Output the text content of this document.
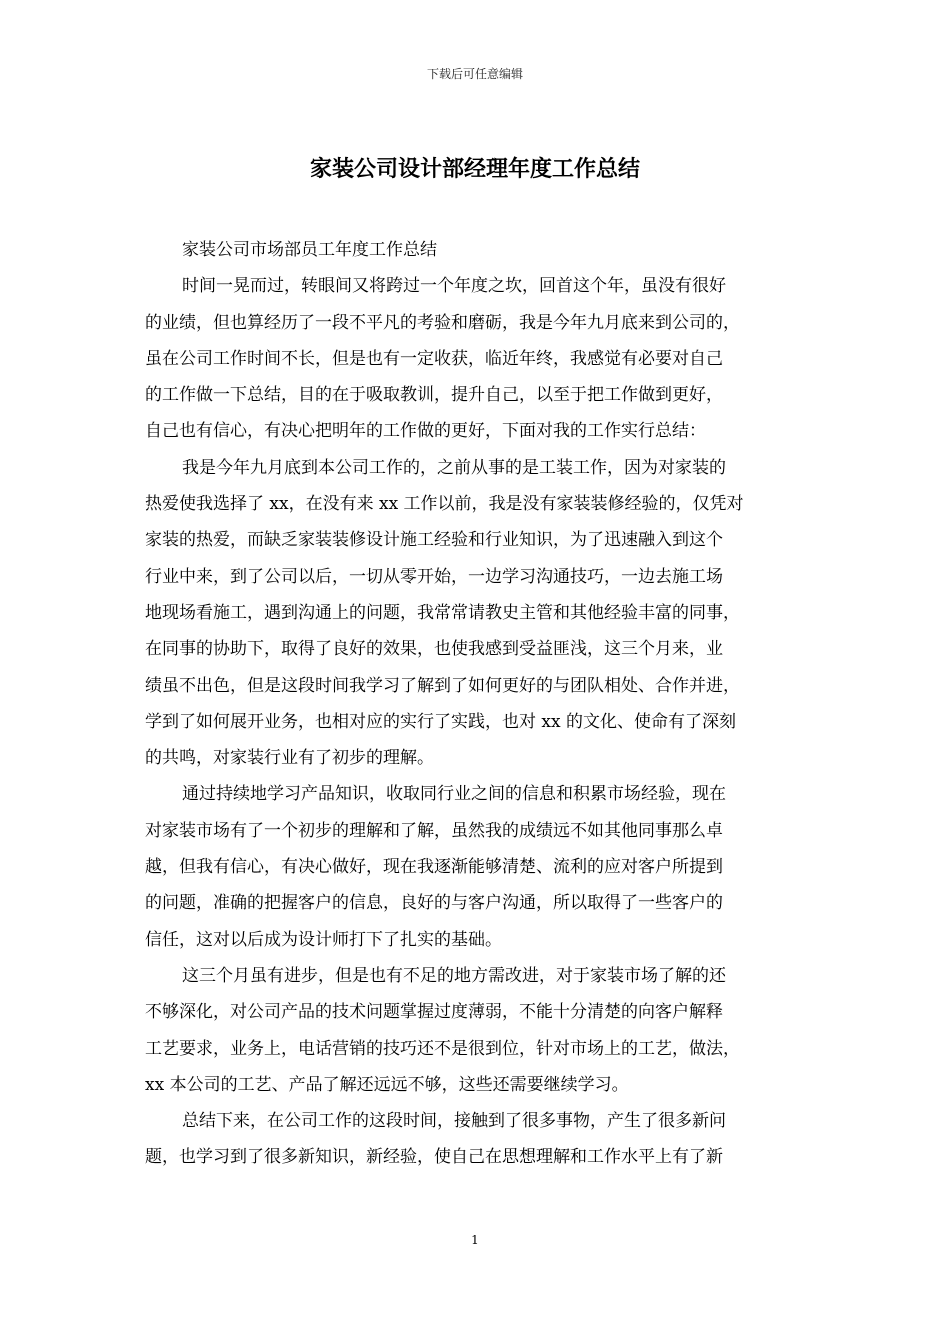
下载后可任意编辑
家装公司设计部经理年度工作总结
家装公司市场部员工年度工作总结
时间一晃而过，转眼间又将跨过一个年度之坎，回首这个年，虽没有很好
的业绩，但也算经历了一段不平凡的考验和磨砺，我是今年九月底来到公司的，
虽在公司工作时间不长，但是也有一定收获，临近年终，我感觉有必要对自己
的工作做一下总结，目的在于吸取教训，提升自己，以至于把工作做到更好，
自己也有信心，有决心把明年的工作做的更好，下面对我的工作实行总结：
我是今年九月底到本公司工作的，之前从事的是工装工作，因为对家装的
热爱使我选择了 xx，在没有来 xx 工作以前，我是没有家装装修经验的，仅凭对
家装的热爱，而缺乏家装装修设计施工经验和行业知识，为了迅速融入到这个
行业中来，到了公司以后，一切从零开始，一边学习沟通技巧，一边去施工场
地现场看施工，遇到沟通上的问题，我常常请教史主管和其他经验丰富的同事，
在同事的协助下，取得了良好的效果，也使我感到受益匪浅，这三个月来，业
绩虽不出色，但是这段时间我学习了解到了如何更好的与团队相处、合作并进，
学到了如何展开业务，也相对应的实行了实践，也对 xx 的文化、使命有了深刻
的共鸣，对家装行业有了初步的理解。
通过持续地学习产品知识，收取同行业之间的信息和积累市场经验，现在
对家装市场有了一个初步的理解和了解，虽然我的成绩远不如其他同事那么卓
越，但我有信心，有决心做好，现在我逐渐能够清楚、流利的应对客户所提到
的问题，准确的把握客户的信息，良好的与客户沟通，所以取得了一些客户的
信任，这对以后成为设计师打下了扎实的基础。
这三个月虽有进步，但是也有不足的地方需改进，对于家装市场了解的还
不够深化，对公司产品的技术问题掌握过度薄弱，不能十分清楚的向客户解释
工艺要求，业务上，电话营销的技巧还不是很到位，针对市场上的工艺，做法，
xx 本公司的工艺、产品了解还远远不够，这些还需要继续学习。
总结下来，在公司工作的这段时间，接触到了很多事物，产生了很多新问
题，也学习到了很多新知识，新经验，使自己在思想理解和工作水平上有了新
1
